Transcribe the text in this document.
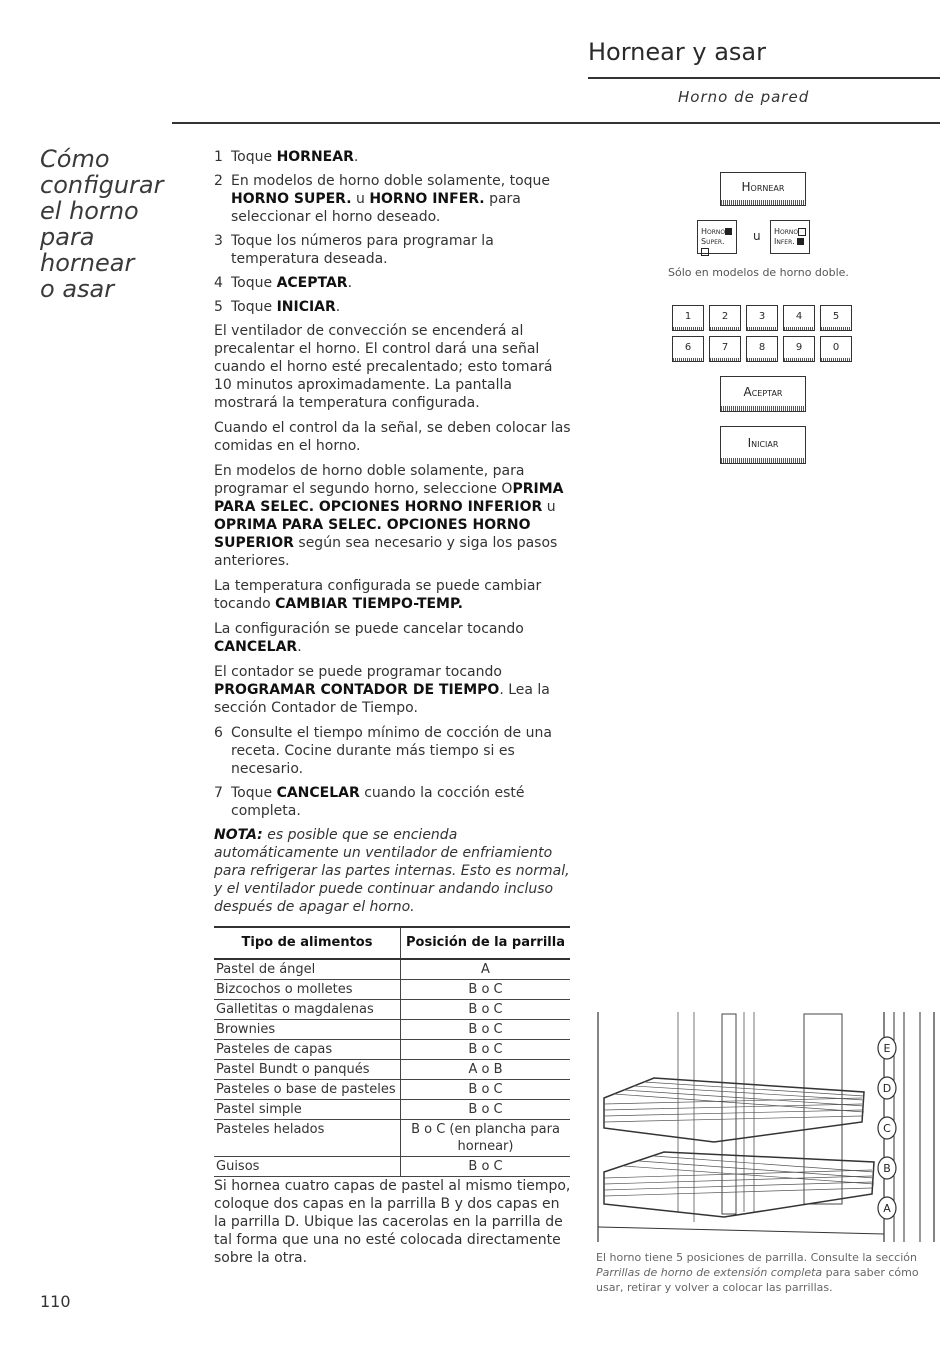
Hornear y asar
Horno de pared
Cómo
configurar
el horno
para
hornear
o asar
1 Toque HORNEAR.
2 En modelos de horno doble solamente, toque HORNO SUPER. u HORNO INFER. para seleccionar el horno deseado.
3 Toque los números para programar la temperatura deseada.
4 Toque ACEPTAR.
5 Toque INICIAR.

El ventilador de convección se encenderá al precalentar el horno. El control dará una señal cuando el horno esté precalentado; esto tomará 10 minutos aproximadamente. La pantalla mostrará la temperatura configurada.

Cuando el control da la señal, se deben colocar las comidas en el horno.

En modelos de horno doble solamente, para programar el segundo horno, seleccione OPRIMA PARA SELEC. OPCIONES HORNO INFERIOR u OPRIMA PARA SELEC. OPCIONES HORNO SUPERIOR según sea necesario y siga los pasos anteriores.

La temperatura configurada se puede cambiar tocando CAMBIAR TIEMPO-TEMP.

La configuración se puede cancelar tocando CANCELAR.

El contador se puede programar tocando PROGRAMAR CONTADOR DE TIEMPO. Lea la sección Contador de Tiempo.

6 Consulte el tiempo mínimo de cocción de una receta. Cocine durante más tiempo si es necesario.
7 Toque CANCELAR cuando la cocción esté completa.

NOTA: es posible que se encienda automáticamente un ventilador de enfriamiento para refrigerar las partes internas. Esto es normal, y el ventilador puede continuar andando incluso después de apagar el horno.

Tipo de alimentos	Posición de la parrilla
Pastel de ángel	A
Bizcochos o molletes	B o C
Galletitas o magdalenas	B o C
Brownies	B o C
Pasteles de capas	B o C
Pastel Bundt o panqués	A o B
Pasteles o base de pasteles	B o C
Pastel simple	B o C
Pasteles helados	B o C (en plancha para hornear)
Guisos	B o C

Si hornea cuatro capas de pastel al mismo tiempo, coloque dos capas en la parrilla B y dos capas en la parrilla D. Ubique las cacerolas en la parrilla de tal forma que una no esté colocada directamente sobre la otra.

Hornear
Horno
Super.	u	Horno
Infer.
Sólo en modelos de horno doble.
1	2	3	4	5
6	7	8	9	0
Aceptar
Iniciar
E
D
C
B
A
El horno tiene 5 posiciones de parrilla. Consulte la sección Parrillas de horno de extensión completa para saber cómo usar, retirar y volver a colocar las parrillas.
110
